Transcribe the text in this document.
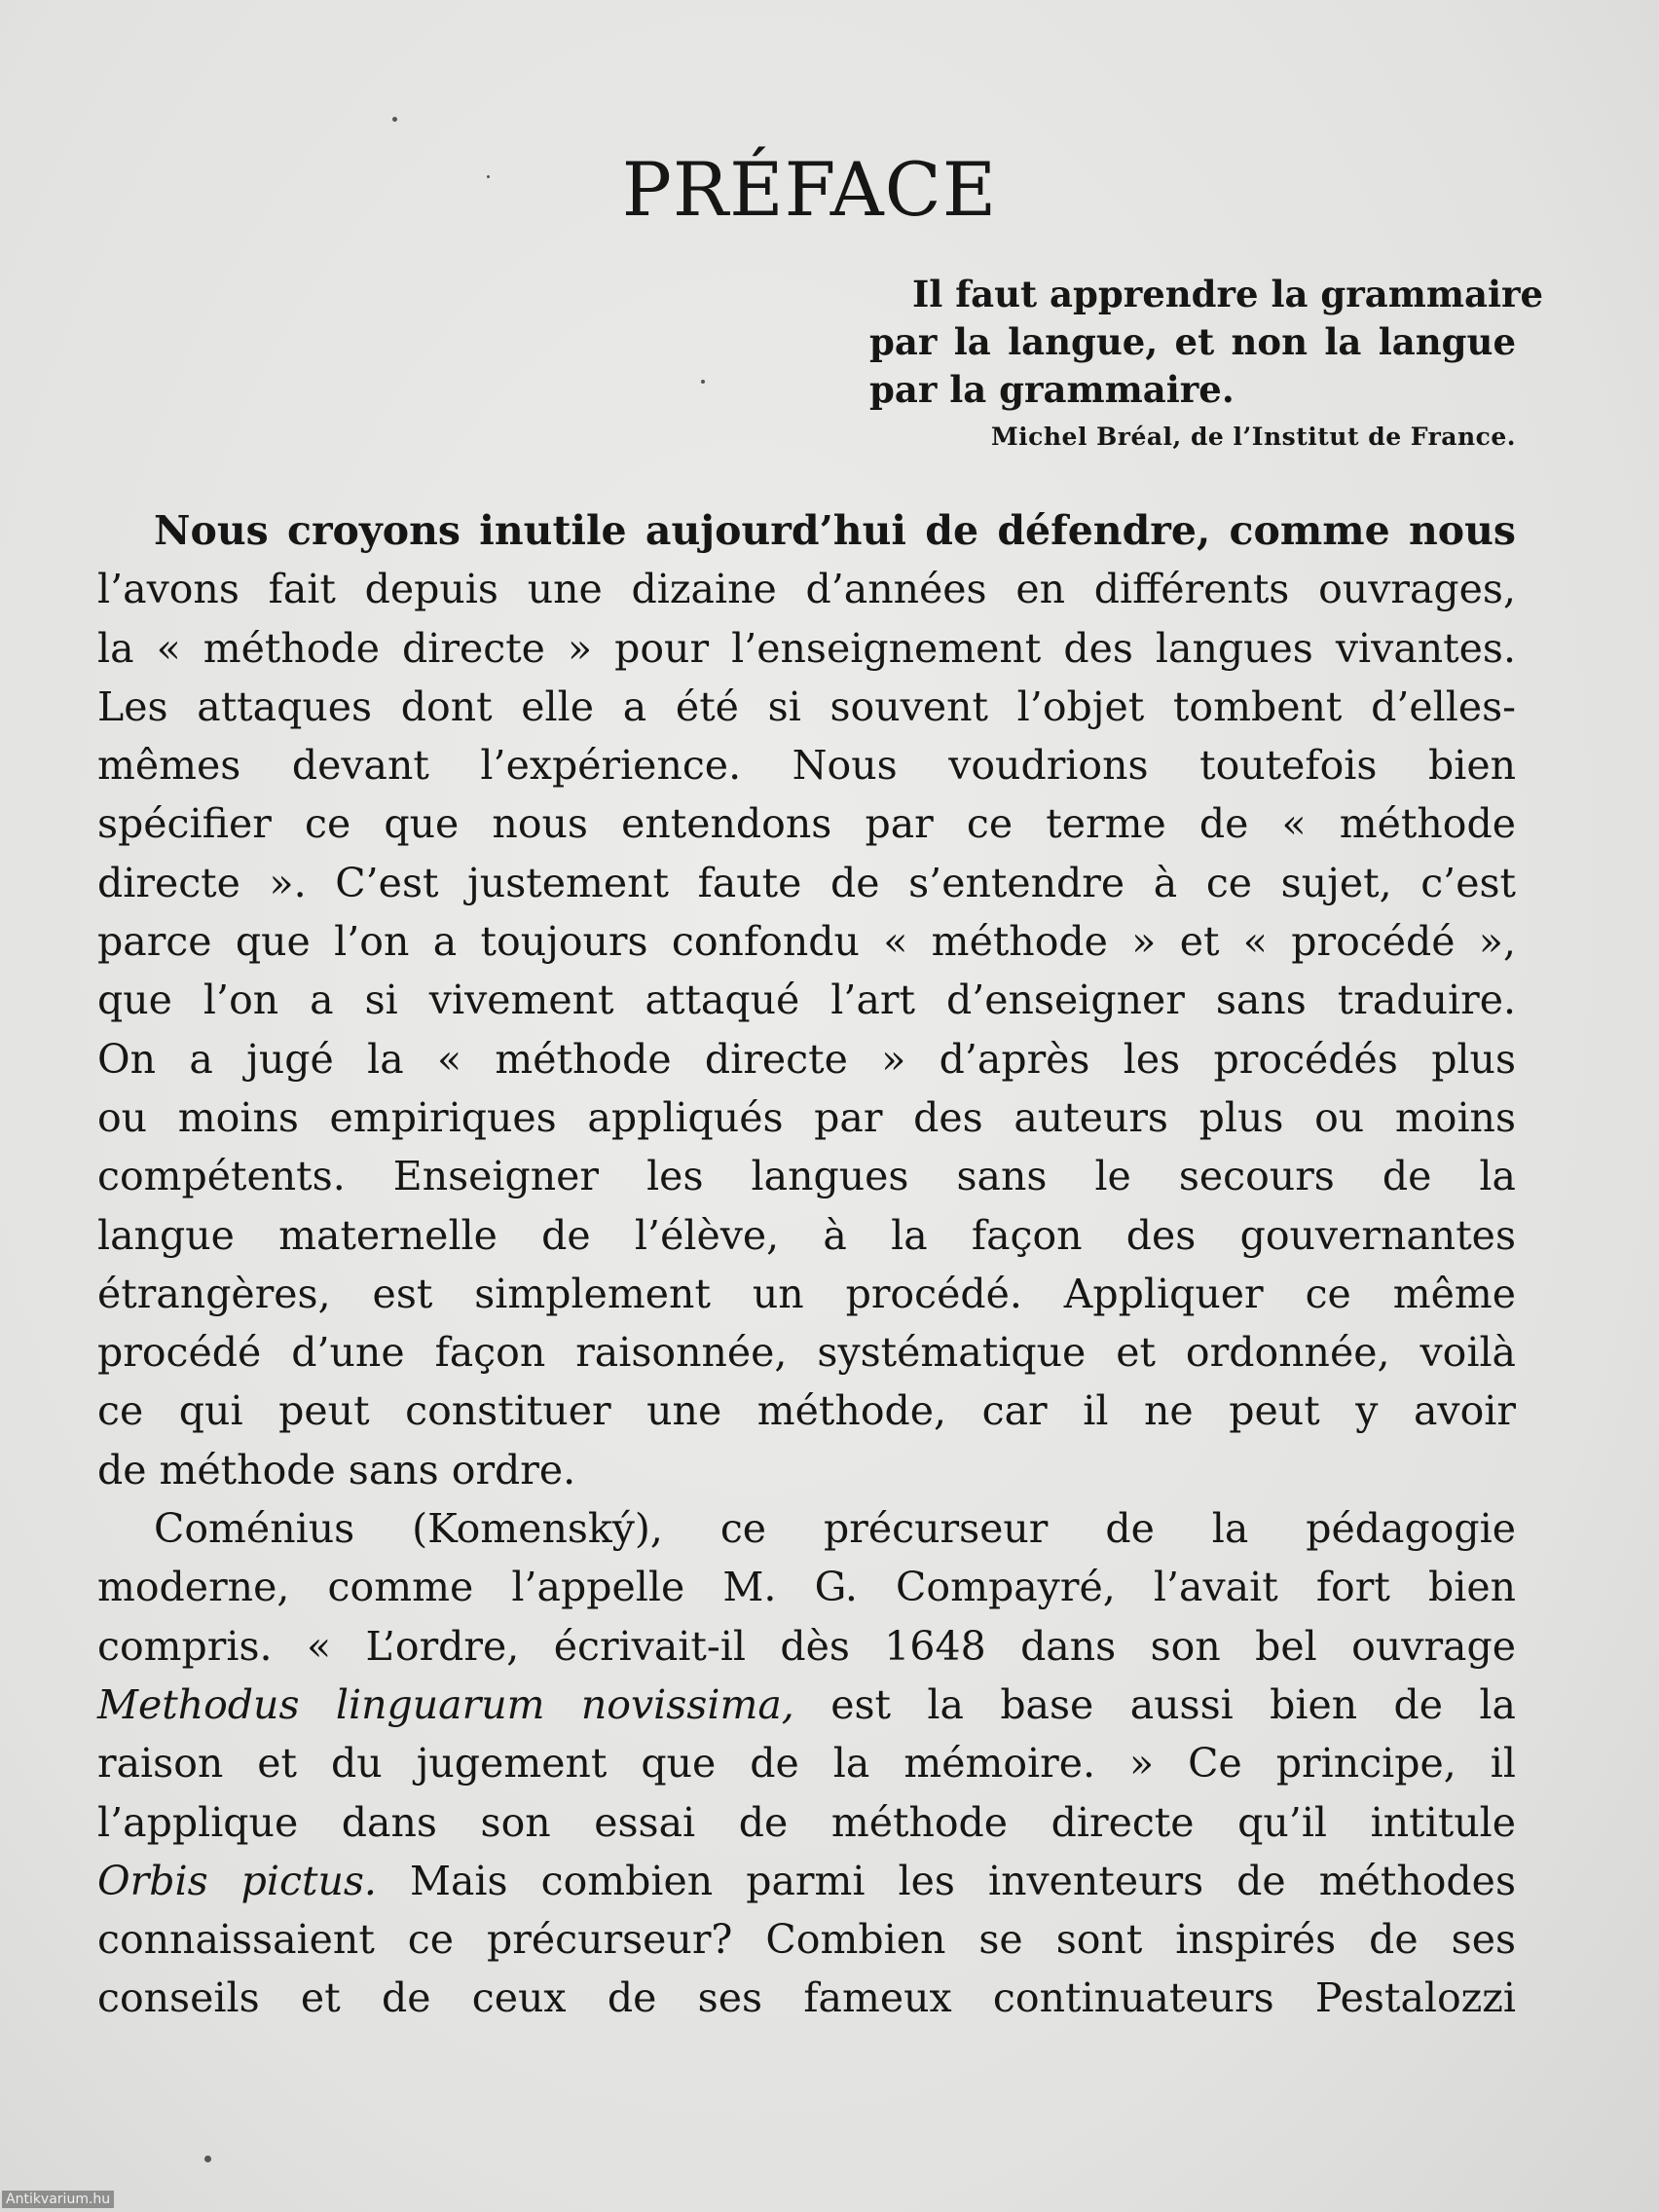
PRÉFACE
Il faut apprendre la grammaire
par la langue, et non la langue
par la grammaire.
Michel Bréal, de l’Institut de France.
Nous croyons inutile aujourd’hui de défendre, comme nous
l’avons fait depuis une dizaine d’années en différents ouvrages,
la « méthode directe » pour l’enseignement des langues vivantes.
Les attaques dont elle a été si souvent l’objet tombent d’elles-
mêmes devant l’expérience. Nous voudrions toutefois bien
spécifier ce que nous entendons par ce terme de « méthode
directe ». C’est justement faute de s’entendre à ce sujet, c’est
parce que l’on a toujours confondu « méthode » et « procédé »,
que l’on a si vivement attaqué l’art d’enseigner sans traduire.
On a jugé la « méthode directe » d’après les procédés plus
ou moins empiriques appliqués par des auteurs plus ou moins
compétents. Enseigner les langues sans le secours de la
langue maternelle de l’élève, à la façon des gouvernantes
étrangères, est simplement un procédé. Appliquer ce même
procédé d’une façon raisonnée, systématique et ordonnée, voilà
ce qui peut constituer une méthode, car il ne peut y avoir
de méthode sans ordre.
Coménius (Komenský), ce précurseur de la pédagogie
moderne, comme l’appelle M. G. Compayré, l’avait fort bien
compris. « L’ordre, écrivait-il dès 1648 dans son bel ouvrage
Methodus linguarum novissima, est la base aussi bien de la
raison et du jugement que de la mémoire. » Ce principe, il
l’applique dans son essai de méthode directe qu’il intitule
Orbis pictus. Mais combien parmi les inventeurs de méthodes
connaissaient ce précurseur? Combien se sont inspirés de ses
conseils et de ceux de ses fameux continuateurs Pestalozzi
Antikvarium.hu
